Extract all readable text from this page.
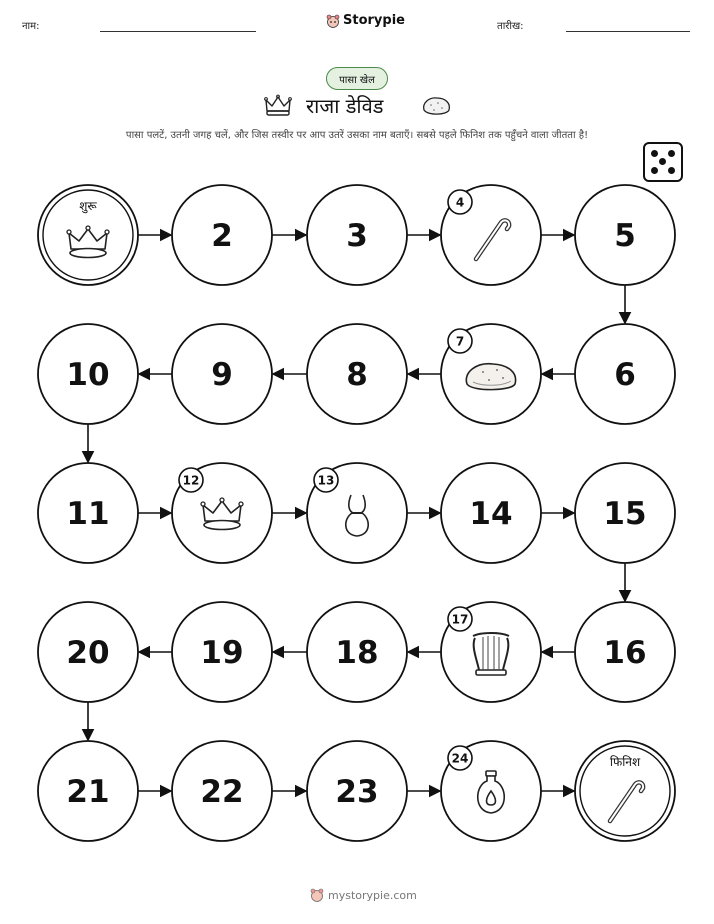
नाम:	Storypie	तारीख:
पासा खेल
राजा डेविड
पासा पलटें, उतनी जगह चलें, और जिस तस्वीर पर आप उतरें उसका नाम बताएँ। सबसे पहले फिनिश तक पहुँचने वाला जीतता है!
शुरू
2	3
4
5
6
7
8
9
10
11
12	13
14	15
16
17
18
19
20
21	22	23
24	फिनिश
mystorypie.com
